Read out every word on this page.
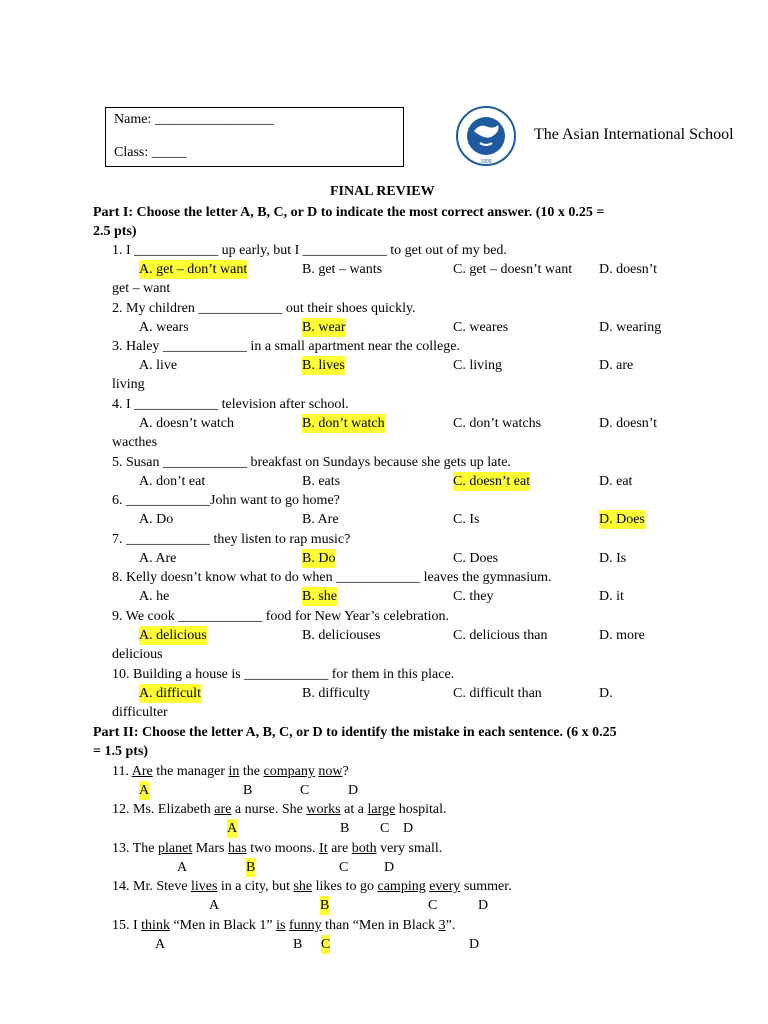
Name: _________________
Class: _____
1999
The Asian International School
FINAL REVIEW
Part I: Choose the letter A, B, C, or D to indicate the most correct answer. (10 x 0.25 =
2.5 pts)
1. I ____________ up early, but I ____________ to get out of my bed.
A. get – don’t want	B. get – wants	C. get – doesn’t want D. doesn’t
get – want
2. My children ____________ out their shoes quickly.
A. wears	B. wear	C. weares	D. wearing
3. Haley ____________ in a small apartment near the college.
A. live	B. lives	C. living	D. are
living
4. I ____________ television after school.
A. doesn’t watch	B. don’t watch	C. don’t watchs	D. doesn’t
wacthes
5. Susan ____________ breakfast on Sundays because she gets up late.
A. don’t eat	B. eats	C. doesn’t eat	D. eat
6. ____________John want to go home?
A. Do	B. Are	C. Is	D. Does
7. ____________ they listen to rap music?
A. Are	B. Do	C. Does	D. Is
8. Kelly doesn’t know what to do when ____________ leaves the gymnasium.
A. he	B. she	C. they	D. it
9. We cook ____________ food for New Year’s celebration.
A. delicious	B. deliciouses	C. delicious than	D. more
delicious
10. Building a house is ____________ for them in this place.
A. difficult	B. difficulty	C. difficult than	D.
difficulter
Part II: Choose the letter A, B, C, or D to identify the mistake in each sentence. (6 x 0.25
= 1.5 pts)
11. Are the manager in the company now?
A	B	C	D
12. Ms. Elizabeth are a nurse. She works at a large hospital.
A	B C D
13. The planet Mars has two moons. It are both very small.
A	B	C	D
14. Mr. Steve lives in a city, but she likes to go camping every summer.
A	B	C	D
15. I think “Men in Black 1” is funny than “Men in Black 3”.
A	B C	D
